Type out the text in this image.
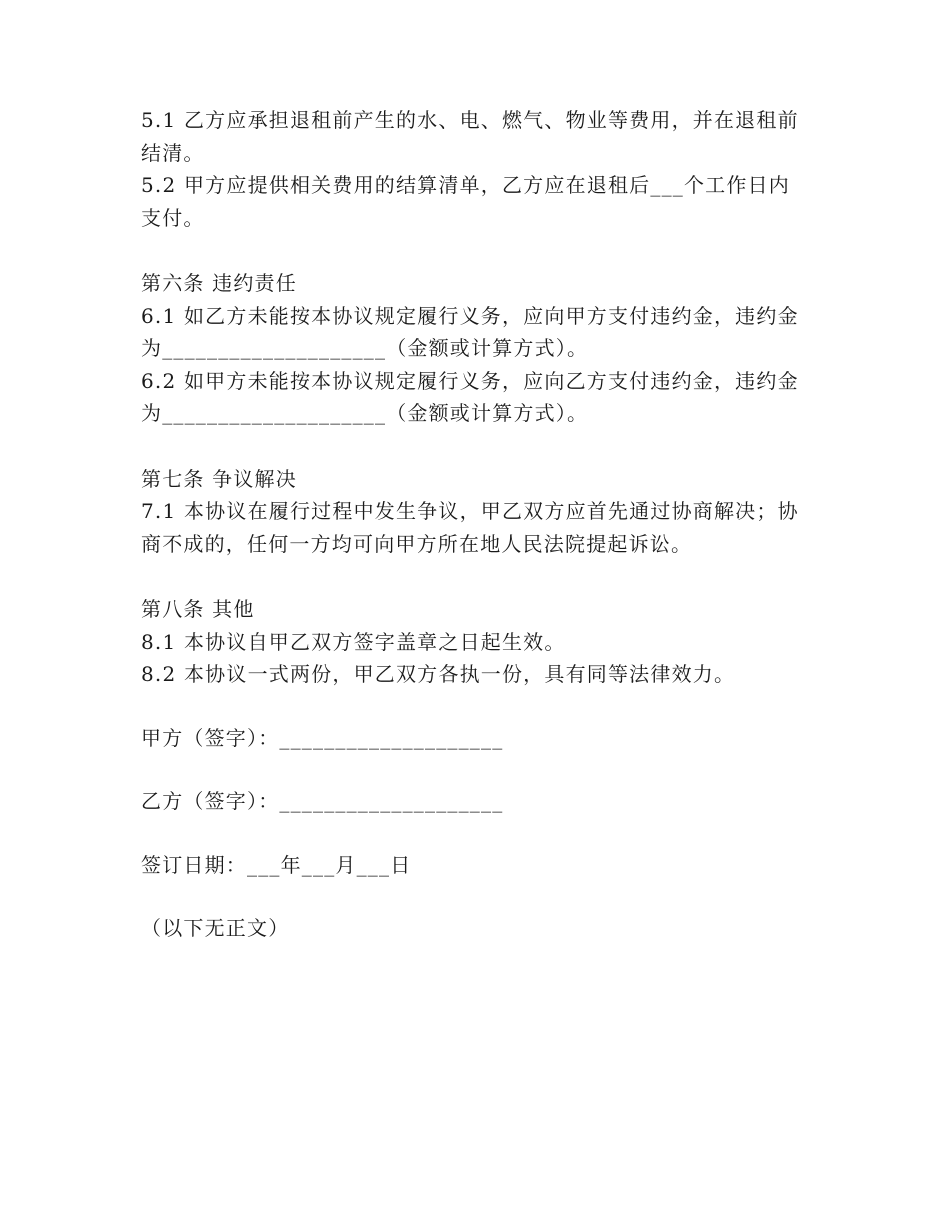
5.1 乙方应承担退租前产生的水、电、燃气、物业等费用，并在退租前结清。

5.2 甲方应提供相关费用的结算清单，乙方应在退租后___个工作日内支付。

第六条 违约责任

6.1 如乙方未能按本协议规定履行义务，应向甲方支付违约金，违约金为____________________（金额或计算方式）。

6.2 如甲方未能按本协议规定履行义务，应向乙方支付违约金，违约金为____________________（金额或计算方式）。

第七条 争议解决

7.1 本协议在履行过程中发生争议，甲乙双方应首先通过协商解决；协商不成的，任何一方均可向甲方所在地人民法院提起诉讼。

第八条 其他

8.1 本协议自甲乙双方签字盖章之日起生效。

8.2 本协议一式两份，甲乙双方各执一份，具有同等法律效力。

甲方（签字）：____________________

乙方（签字）：____________________

签订日期：___年___月___日

（以下无正文）
